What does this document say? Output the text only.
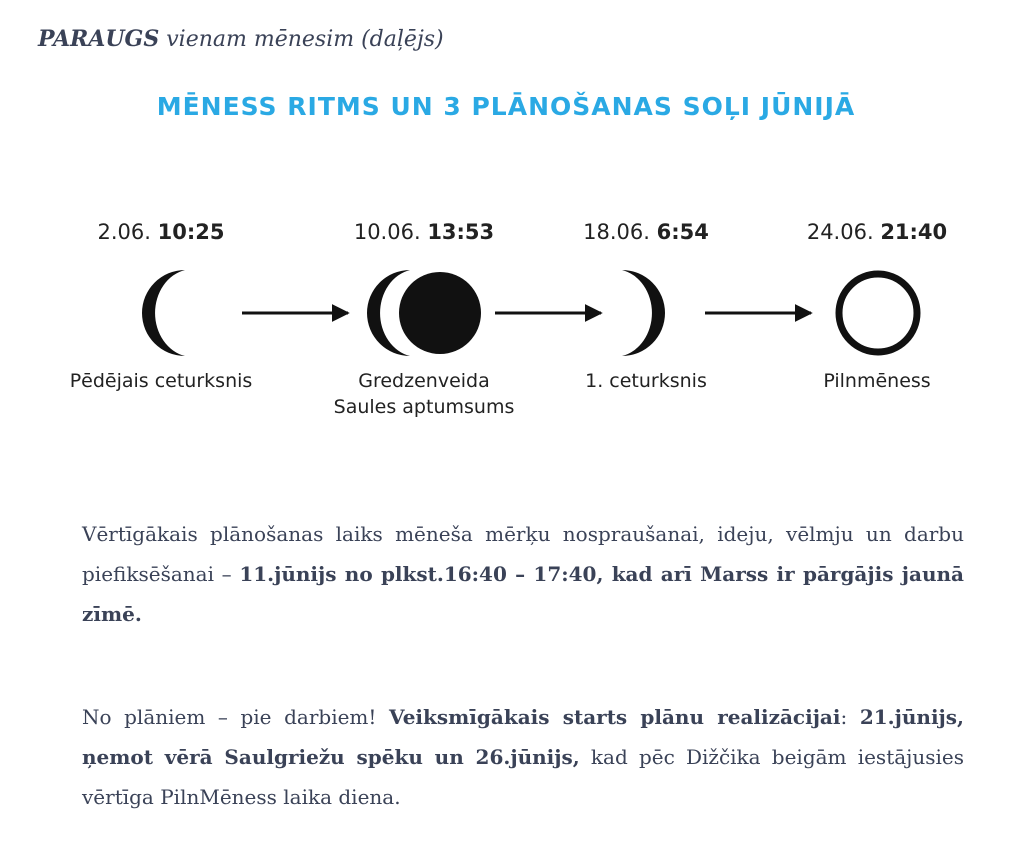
PARAUGS vienam mēnesim (daļējs)
MĒNESS RITMS UN 3 PLĀNOŠANAS SOĻI JŪNIJĀ
2.06. 10:25
Pēdējais ceturksnis
10.06. 13:53
Gredzenveida
Saules aptumsums
18.06. 6:54
1. ceturksnis
24.06. 21:40
Pilnmēness
Vērtīgākais plānošanas laiks mēneša mērķu nospraušanai, ideju, vēlmju un darbu piefiksēšanai – 11.jūnijs no plkst.16:40 – 17:40, kad arī Marss ir pārgājis jaunā zīmē.
No plāniem – pie darbiem! Veiksmīgākais starts plānu realizācijai: 21.jūnijs, ņemot vērā Saulgriežu spēku un 26.jūnijs, kad pēc Dižčika beigām iestājusies vērtīga PilnMēness laika diena.
